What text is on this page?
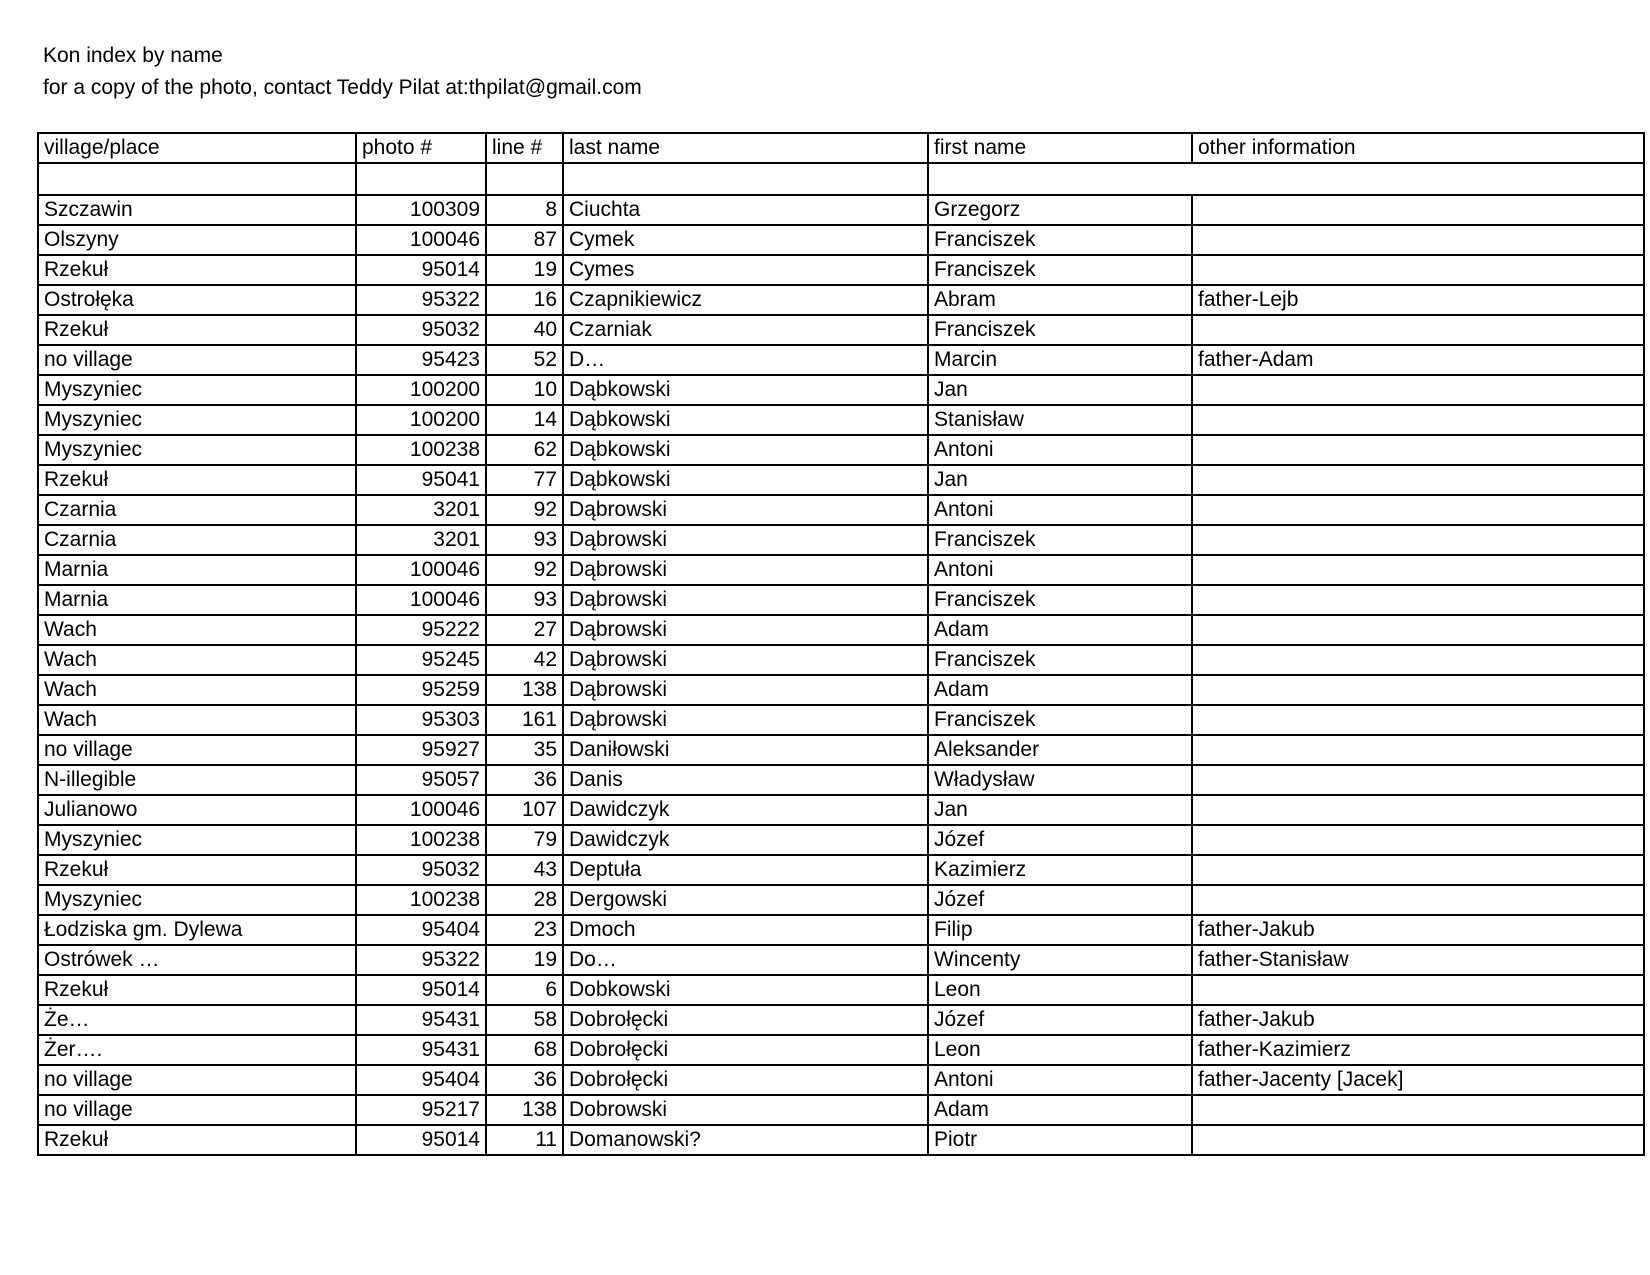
Kon index by name
for a copy of the photo, contact Teddy Pilat at:thpilat@gmail.com
village/place	photo #	line #	last name	first name	other information

Szczawin	100309	8	Ciuchta	Grzegorz	
Olszyny	100046	87	Cymek	Franciszek	
Rzekuł	95014	19	Cymes	Franciszek	
Ostrołęka	95322	16	Czapnikiewicz	Abram	father-Lejb
Rzekuł	95032	40	Czarniak	Franciszek	
no village	95423	52	D…	Marcin	father-Adam
Myszyniec	100200	10	Dąbkowski	Jan	
Myszyniec	100200	14	Dąbkowski	Stanisław	
Myszyniec	100238	62	Dąbkowski	Antoni	
Rzekuł	95041	77	Dąbkowski	Jan	
Czarnia	3201	92	Dąbrowski	Antoni	
Czarnia	3201	93	Dąbrowski	Franciszek	
Marnia	100046	92	Dąbrowski	Antoni	
Marnia	100046	93	Dąbrowski	Franciszek	
Wach	95222	27	Dąbrowski	Adam	
Wach	95245	42	Dąbrowski	Franciszek	
Wach	95259	138	Dąbrowski	Adam	
Wach	95303	161	Dąbrowski	Franciszek	
no village	95927	35	Daniłowski	Aleksander	
N-illegible	95057	36	Danis	Władysław	
Julianowo	100046	107	Dawidczyk	Jan	
Myszyniec	100238	79	Dawidczyk	Józef	
Rzekuł	95032	43	Deptuła	Kazimierz	
Myszyniec	100238	28	Dergowski	Józef	
Łodziska gm. Dylewa	95404	23	Dmoch	Filip	father-Jakub
Ostrówek …	95322	19	Do…	Wincenty	father-Stanisław
Rzekuł	95014	6	Dobkowski	Leon	
Że…	95431	58	Dobrołęcki	Józef	father-Jakub
Żer….	95431	68	Dobrołęcki	Leon	father-Kazimierz
no village	95404	36	Dobrołęcki	Antoni	father-Jacenty [Jacek]
no village	95217	138	Dobrowski	Adam	
Rzekuł	95014	11	Domanowski?	Piotr	
